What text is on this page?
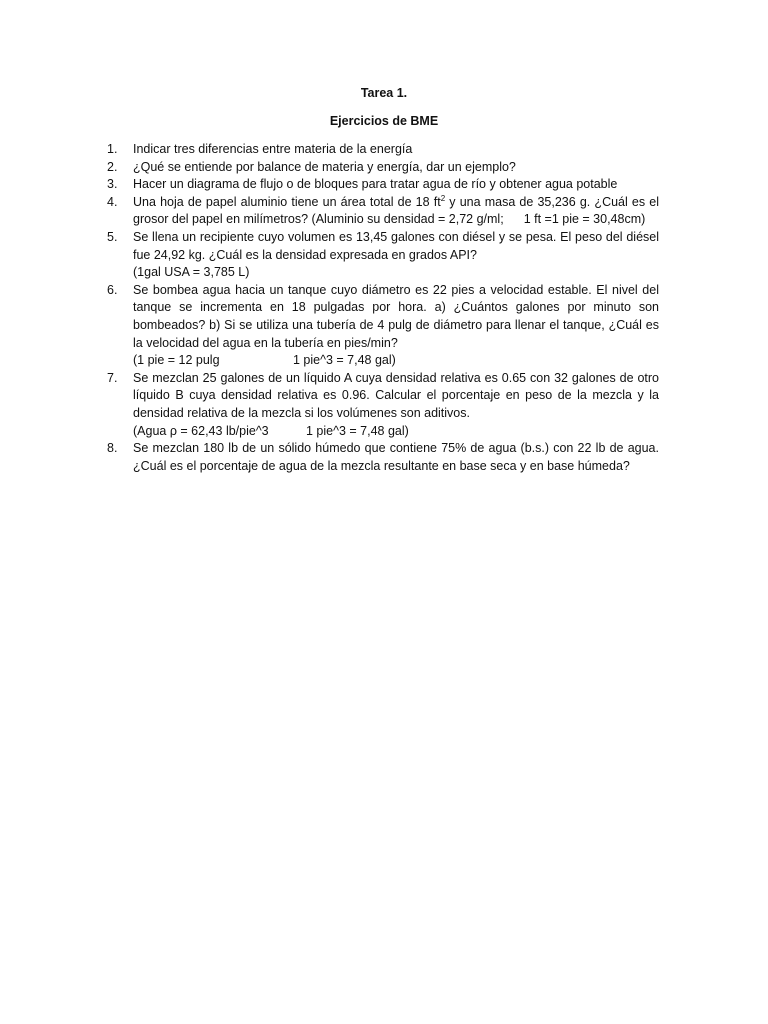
Tarea 1.
Ejercicios de BME
1.	Indicar tres diferencias entre materia de la energía
2.	¿Qué se entiende por balance de materia y energía, dar un ejemplo?
3.	Hacer un diagrama de flujo o de bloques para tratar agua de río y obtener agua potable
4.	Una hoja de papel aluminio tiene un área total de 18 $ft^2$ y una masa de 35,236 g. ¿Cuál es el grosor del papel en milímetros? (Aluminio su densidad = 2,72 g/ml; 1 ft =1 pie = 30,48cm)
5.	Se llena un recipiente cuyo volumen es 13,45 galones con diésel y se pesa. El peso del diésel fue 24,92 kg. ¿Cuál es la densidad expresada en grados API?
(1gal USA = 3,785 L)
6.	Se bombea agua hacia un tanque cuyo diámetro es 22 pies a velocidad estable. El nivel del tanque se incrementa en 18 pulgadas por hora. a) ¿Cuántos galones por minuto son bombeados? b) Si se utiliza una tubería de 4 pulg de diámetro para llenar el tanque, ¿Cuál es la velocidad del agua en la tubería en pies/min?
(1 pie = 12 pulg	1 pie^3 = 7,48 gal)
7.	Se mezclan 25 galones de un líquido A cuya densidad relativa es 0.65 con 32 galones de otro líquido B cuya densidad relativa es 0.96. Calcular el porcentaje en peso de la mezcla y la densidad relativa de la mezcla si los volúmenes son aditivos.
(Agua ρ = 62,43 lb/pie^3	1 pie^3 = 7,48 gal)
8.	Se mezclan 180 lb de un sólido húmedo que contiene 75% de agua (b.s.) con 22 lb de agua. ¿Cuál es el porcentaje de agua de la mezcla resultante en base seca y en base húmeda?
